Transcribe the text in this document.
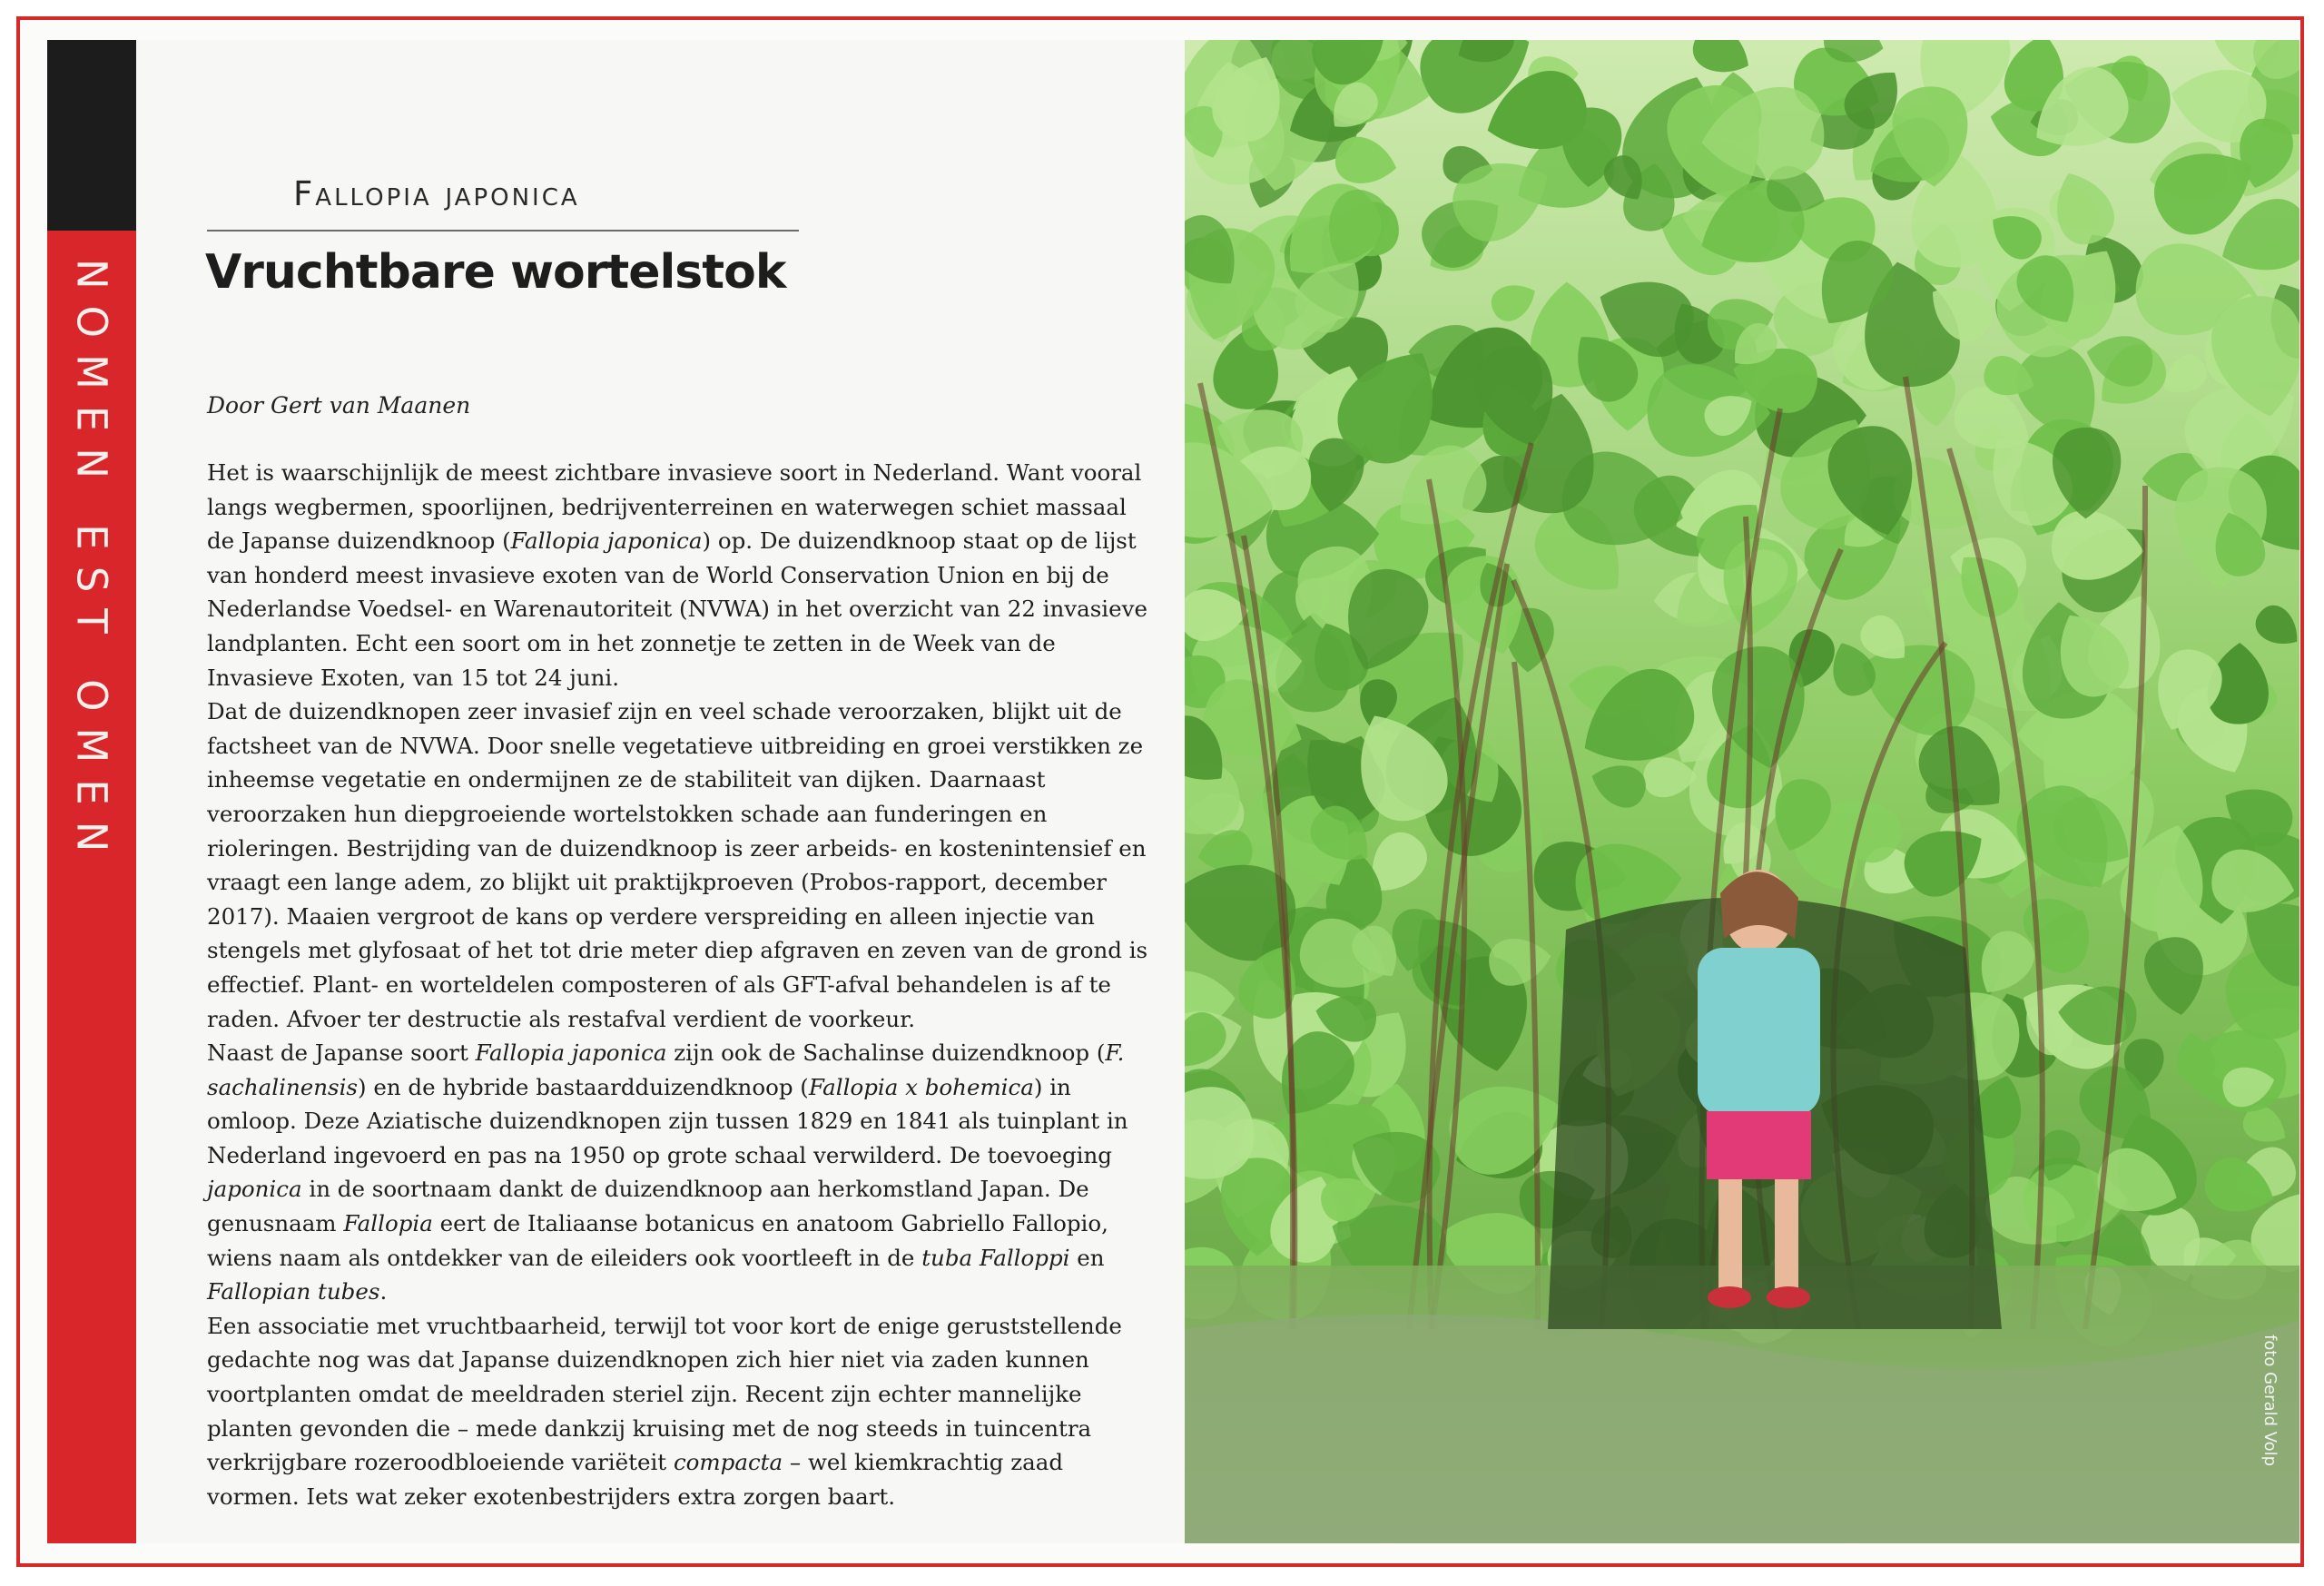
NOMEN EST OMEN
Fallopia japonica
Vruchtbare wortelstok
Door Gert van Maanen

Het is waarschijnlijk de meest zichtbare invasieve soort in Nederland. Want vooral langs wegbermen, spoorlijnen, bedrijventerreinen en waterwegen schiet massaal de Japanse duizendknoop (Fallopia japonica) op. De duizendknoop staat op de lijst van honderd meest invasieve exoten van de World Conservation Union en bij de Nederlandse Voedsel- en Warenautoriteit (NVWA) in het overzicht van 22 invasieve landplanten. Echt een soort om in het zonnetje te zetten in de Week van de Invasieve Exoten, van 15 tot 24 juni.

Dat de duizendknopen zeer invasief zijn en veel schade veroorzaken, blijkt uit de factsheet van de NVWA. Door snelle vegetatieve uitbreiding en groei verstikken ze inheemse vegetatie en ondermijnen ze de stabiliteit van dijken. Daarnaast veroorzaken hun diepgroeiende wortelstokken schade aan funderingen en rioleringen. Bestrijding van de duizendknoop is zeer arbeids- en kostenintensief en vraagt een lange adem, zo blijkt uit praktijkproeven (Probos-rapport, december 2017). Maaien vergroot de kans op verdere verspreiding en alleen injectie van stengels met glyfosaat of het tot drie meter diep afgraven en zeven van de grond is effectief. Plant- en worteldelen composteren of als GFT-afval behandelen is af te raden. Afvoer ter destructie als restafval verdient de voorkeur.

Naast de Japanse soort Fallopia japonica zijn ook de Sachalinse duizendknoop (F. sachalinensis) en de hybride bastaardduizendknoop (Fallopia x bohemica) in omloop. Deze Aziatische duizendknopen zijn tussen 1829 en 1841 als tuinplant in Nederland ingevoerd en pas na 1950 op grote schaal verwilderd. De toevoeging japonica in de soortnaam dankt de duizendknoop aan herkomstland Japan. De genusnaam Fallopia eert de Italiaanse botanicus en anatoom Gabriello Fallopio, wiens naam als ontdekker van de eileiders ook voortleeft in de tuba Falloppi en Fallopian tubes.

Een associatie met vruchtbaarheid, terwijl tot voor kort de enige geruststellende gedachte nog was dat Japanse duizendknopen zich hier niet via zaden kunnen voortplanten omdat de meeldraden steriel zijn. Recent zijn echter mannelijke planten gevonden die – mede dankzij kruising met de nog steeds in tuincentra verkrijgbare rozeroodbloeiende variëteit compacta – wel kiemkrachtig zaad vormen. Iets wat zeker exotenbestrijders extra zorgen baart.

foto Gerald Volp
